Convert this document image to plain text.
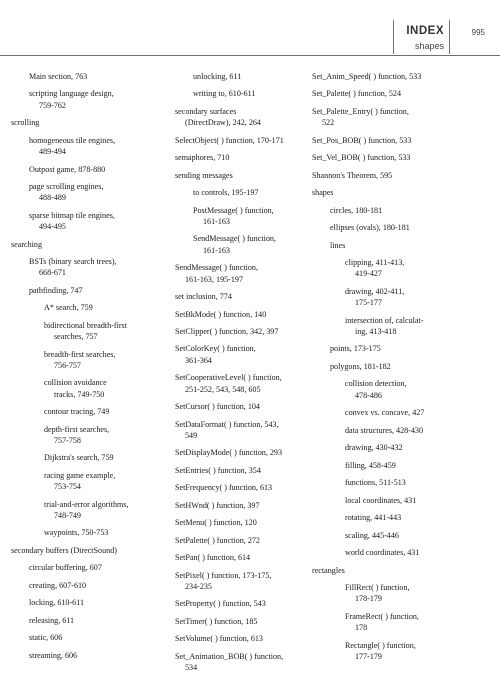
INDEX
shapes
995
Main section, 763
scripting language design,
759-762
scrolling
homogeneous tile engines,
489-494
Outpost game, 878-880
page scrolling engines,
488-489
sparse bitmap tile engines,
494-495
searching
BSTs (binary search trees),
668-671
pathfinding, 747
A* search, 759
bidirectional breadth-first
searches, 757
breadth-first searches,
756-757
collision avoidance
tracks, 749-750
contour tracing, 749
depth-first searches,
757-758
Dijkstra's search, 759
racing game example,
753-754
trial-and-error algorithms,
748-749
waypoints, 750-753
secondary buffers (DirectSound)
circular buffering, 607
creating, 607-610
locking, 610-611
releasing, 611
static, 606
streaming, 606
unlocking, 611
writing to, 610-611
secondary surfaces
(DirectDraw), 242, 264
SelectObject( ) function, 170-171
semaphores, 710
sending messages
to controls, 195-197
PostMessage( ) function,
161-163
SendMessage( ) function,
161-163
SendMessage( ) function,
161-163, 195-197
set inclusion, 774
SetBkMode( ) function, 140
SetClipper( ) function, 342, 397
SetColorKey( ) function,
361-364
SetCooperativeLevel( ) function,
251-252, 543, 548, 605
SetCursor( ) function, 104
SetDataFormat( ) function, 543,
549
SetDisplayMode( ) function, 293
SetEntries( ) function, 354
SetFrequency( ) function, 613
SetHWnd( ) function, 397
SetMenu( ) function, 120
SetPalette( ) function, 272
SetPan( ) function, 614
SetPixel( ) function, 173-175,
234-235
SetProperty( ) function, 543
SetTimer( ) function, 185
SetVolume( ) function, 613
Set_Animation_BOB( ) function,
534
Set_Anim_Speed( ) function, 533
Set_Palette( ) function, 524
Set_Palette_Entry( ) function,
522
Set_Pos_BOB( ) function, 533
Set_Vel_BOB( ) function, 533
Shannon's Theorem, 595
shapes
circles, 180-181
ellipses (ovals), 180-181
lines
clipping, 411-413,
419-427
drawing, 402-411,
175-177
intersection of, calculat-
ing, 413-418
points, 173-175
polygons, 181-182
collision detection,
478-486
convex vs. concave, 427
data structures, 428-430
drawing, 430-432
filling, 458-459
functions, 511-513
local coordinates, 431
rotating, 441-443
scaling, 445-446
world coordinates, 431
rectangles
FillRect( ) function,
178-179
FrameRect( ) function,
178
Rectangle( ) function,
177-179
